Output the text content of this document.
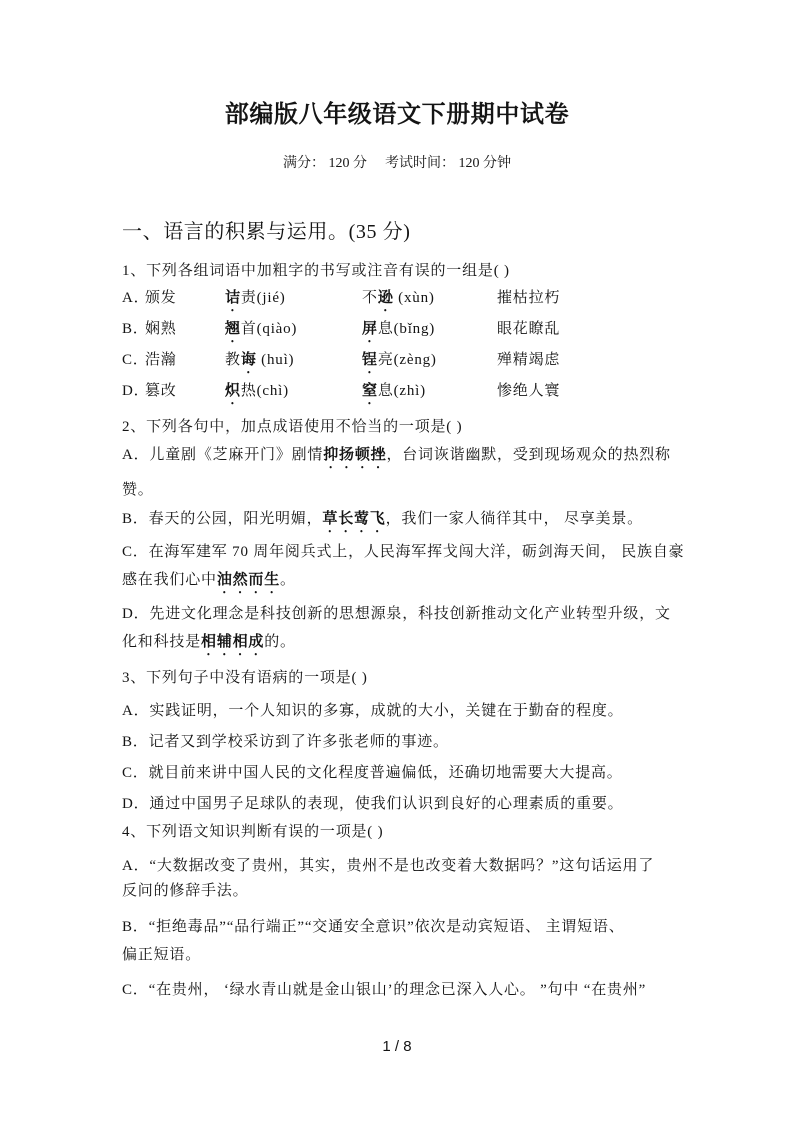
部编版八年级语文下册期中试卷
满分： 120 分 考试时间： 120 分钟
一、语言的积累与运用。(35 分)
1、下列各组词语中加粗字的书写或注音有误的一组是( )
A．
颁发	诘责(jié)	不逊 (xùn)	摧枯拉朽
B．
娴熟	翘首(qiào)	屏息(bǐng)	眼花瞭乱
C．
浩瀚	教诲 (huì)	锃亮(zèng)	殚精竭虑
D．
篡改	炽热(chì)	窒息(zhì)	惨绝人寰
2、下列各句中，加点成语使用不恰当的一项是( )
A．儿童剧《芝麻开门》剧情抑扬顿挫，台词诙谐幽默，受到现场观众的热烈称
赞。
B．春天的公园，阳光明媚，草长莺飞，我们一家人徜徉其中， 尽享美景。
C．在海军建军 70 周年阅兵式上，人民海军挥戈闯大洋，砺剑海天间， 民族自豪
感在我们心中油然而生。
D．先进文化理念是科技创新的思想源泉，科技创新推动文化产业转型升级，文
化和科技是相辅相成的。
3、下列句子中没有语病的一项是( )
A．实践证明，一个人知识的多寡，成就的大小，关键在于勤奋的程度。
B．记者又到学校采访到了许多张老师的事迹。
C．就目前来讲中国人民的文化程度普遍偏低，还确切地需要大大提高。
D．通过中国男子足球队的表现，使我们认识到良好的心理素质的重要。
4、下列语文知识判断有误的一项是( )
A．“大数据改变了贵州，其实，贵州不是也改变着大数据吗？”这句话运用了
反问的修辞手法。
B．“拒绝毒品”“品行端正”“交通安全意识”依次是动宾短语、 主谓短语、
偏正短语。
C．“在贵州， ‘绿水青山就是金山银山’的理念已深入人心。 ”句中 “在贵州”
1 / 8
